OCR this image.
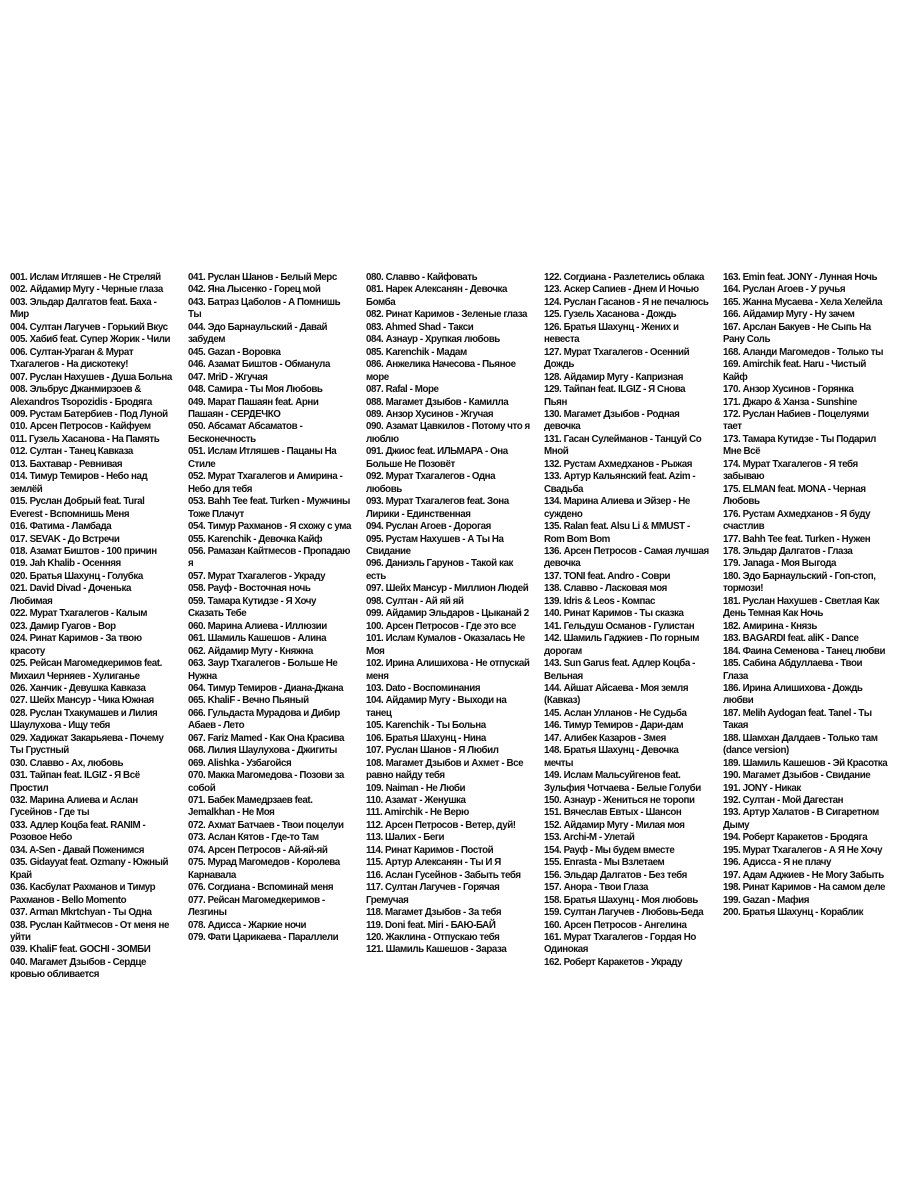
001. Ислам Итляшев - Не Стреляй
002. Айдамир Мугу - Черные глаза
003. Эльдар Далгатов feat. Баха - Мир
004. Султан Лагучев - Горький Вкус
005. Хабиб feat. Супер Жорик - Чили
006. Султан-Ураган & Мурат Тхагалегов - На дискотеку!
007. Руслан Нахушев - Душа Больна
008. Эльбрус Джанмирзоев & Alexandros Tsopozidis - Бродяга
009. Рустам Батербиев - Под Луной
010. Арсен Петросов - Кайфуем
011. Гузель Хасанова - На Память
012. Султан - Танец Кавказа
013. Бахтавар - Ревнивая
014. Тимур Темиров - Небо над землёй
015. Руслан Добрый feat. Tural Everest - Вспомнишь Меня
016. Фатима - Ламбада
017. SEVAK - До Встречи
018. Азамат Биштов - 100 причин
019. Jah Khalib - Осенняя
020. Братья Шахунц - Голубка
021. David Divad - Доченька Любимая
022. Мурат Тхагалегов - Калым
023. Дамир Гуагов - Вор
024. Ринат Каримов - За твою красоту
025. Рейсан Магомедкеримов feat. Михаил Черняев - Хулиганье
026. Ханчик - Девушка Кавказа
027. Шейх Мансур - Чика Южная
028. Руслан Тхакумашев и Лилия Шаулухова - Ищу тебя
029. Хадижат Закарьяева - Почему Ты Грустный
030. Славво - Ах, любовь
031. Тайпан feat. ILGIZ - Я Всё Простил
032. Марина Алиева и Аслан Гусейнов - Где ты
033. Адлер Коцба feat. RANIM - Розовое Небо
034. A-Sen - Давай Поженимся
035. Gidayyat feat. Ozmany - Южный Край
036. Касбулат Рахманов и Тимур Рахманов - Bello Momento
037. Arman Mkrtchyan - Ты Одна
038. Руслан Кайтмесов - От меня не уйти
039. KhaliF feat. GOCHI - ЗОМБИ
040. Магамет Дзыбов - Сердце кровью обливается
041. Руслан Шанов - Белый Мерс
042. Яна Лысенко - Горец мой
043. Батраз Цаболов - А Помнишь Ты
044. Эдо Барнаульский - Давай забудем
045. Gazan - Воровка
046. Азамат Биштов - Обманула
047. MriD - Жгучая
048. Самира - Ты Моя Любовь
049. Марат Пашаян feat. Арни Пашаян - СЕРДЕЧКО
050. Абсамат Абсаматов - Бесконечность
051. Ислам Итляшев - Пацаны На Стиле
052. Мурат Тхагалегов и Амирина - Небо для тебя
053. Bahh Tee feat. Turken - Мужчины Тоже Плачут
054. Тимур Рахманов - Я схожу с ума
055. Karenchik - Девочка Кайф
056. Рамазан Кайтмесов - Пропадаю я
057. Мурат Тхагалегов - Украду
058. Рауф - Восточная ночь
059. Тамара Кутидзе - Я Хочу Сказать Тебе
060. Марина Алиева - Иллюзии
061. Шамиль Кашешов - Алина
062. Айдамир Мугу - Княжна
063. Заур Тхагалегов - Больше Не Нужна
064. Тимур Темиров - Диана-Джана
065. KhaliF - Вечно Пьяный
066. Гульдаста Мурадова и Дибир Абаев - Лето
067. Fariz Mamed - Как Она Красива
068. Лилия Шаулухова - Джигиты
069. Alishka - Узбагойся
070. Макка Магомедова - Позови за собой
071. Бабек Мамедрзаев feat. Jemalkhan - Не Моя
072. Ахмат Батчаев - Твои поцелуи
073. Аслан Кятов - Где-то Там
074. Арсен Петросов - Ай-яй-яй
075. Мурад Магомедов - Королева Карнавала
076. Согдиана - Вспоминай меня
077. Рейсан Магомедкеримов - Лезгины
078. Адисса - Жаркие ночи
079. Фати Царикаева - Параллели
080. Славво - Кайфовать
081. Нарек Алексанян - Девочка Бомба
082. Ринат Каримов - Зеленые глаза
083. Ahmed Shad - Такси
084. Азнаур - Хрупкая любовь
085. Karenchik - Мадам
086. Анжелика Начесова - Пьяное море
087. Rafal - Море
088. Магамет Дзыбов - Камилла
089. Анзор Хусинов - Жгучая
090. Азамат Цавкилов - Потому что я люблю
091. Джиос feat. ИЛЬМАРА - Она Больше Не Позовёт
092. Мурат Тхагалегов - Одна любовь
093. Мурат Тхагалегов feat. Зона Лирики - Единственная
094. Руслан Агоев - Дорогая
095. Рустам Нахушев - А Ты На Свидание
096. Даниэль Гарунов - Такой как есть
097. Шейх Мансур - Миллион Людей
098. Султан - Ай яй яй
099. Айдамир Эльдаров - Цыканай 2
100. Арсен Петросов - Где это все
101. Ислам Кумалов - Оказалась Не Моя
102. Ирина Алишихова - Не отпускай меня
103. Dato - Воспоминания
104. Айдамир Мугу - Выходи на танец
105. Karenchik - Ты Больна
106. Братья Шахунц - Нина
107. Руслан Шанов - Я Любил
108. Магамет Дзыбов и Ахмет - Все равно найду тебя
109. Naiman - Не Люби
110. Азамат - Женушка
111. Amirchik - Не Верю
112. Арсен Петросов - Ветер, дуй!
113. Шалих - Беги
114. Ринат Каримов - Постой
115. Артур Алексанян - Ты И Я
116. Аслан Гусейнов - Забыть тебя
117. Султан Лагучев - Горячая Гремучая
118. Магамет Дзыбов - За тебя
119. Doni feat. Miri - БАЮ-БАЙ
120. Жаклина - Отпускаю тебя
121. Шамиль Кашешов - Зараза
122. Согдиана - Разлетелись облака
123. Аскер Сапиев - Днем И Ночью
124. Руслан Гасанов - Я не печалюсь
125. Гузель Хасанова - Дождь
126. Братья Шахунц - Жених и невеста
127. Мурат Тхагалегов - Осенний Дождь
128. Айдамир Мугу - Капризная
129. Тайпан feat. ILGIZ - Я Снова Пьян
130. Магамет Дзыбов - Родная девочка
131. Гасан Сулейманов - Танцуй Со Мной
132. Рустам Ахмедханов - Рыжая
133. Артур Кальянский feat. Azim - Свадьба
134. Марина Алиева и Эйзер - Не суждено
135. Ralan feat. Alsu Li & MMUST - Rom Bom Bom
136. Арсен Петросов - Самая лучшая девочка
137. TONI feat. Andro - Соври
138. Славво - Ласковая моя
139. Idris & Leos - Компас
140. Ринат Каримов - Ты сказка
141. Гельдуш Османов - Гулистан
142. Шамиль Гаджиев - По горным дорогам
143. Sun Garus feat. Адлер Коцба - Вельная
144. Айшат Айсаева - Моя земля (Кавказ)
145. Аслан Улланов - Не Судьба
146. Тимур Темиров - Дари-дам
147. Алибек Казаров - Змея
148. Братья Шахунц - Девочка мечты
149. Ислам Мальсуйгенов feat. Зульфия Чотчаева - Белые Голуби
150. Азнаур - Жениться не торопи
151. Вячеслав Евтых - Шансон
152. Айдамир Мугу - Милая моя
153. Archi-M - Улетай
154. Рауф - Мы будем вместе
155. Enrasta - Мы Взлетаем
156. Эльдар Далгатов - Без тебя
157. Анора - Твои Глаза
158. Братья Шахунц - Моя любовь
159. Султан Лагучев - Любовь-Беда
160. Арсен Петросов - Ангелина
161. Мурат Тхагалегов - Гордая Но Одинокая
162. Роберт Каракетов - Украду
163. Emin feat. JONY - Лунная Ночь
164. Руслан Агоев - У ручья
165. Жанна Мусаева - Хела Хелейла
166. Айдамир Мугу - Ну зачем
167. Арслан Бакуев - Не Сыпь На Рану Соль
168. Аланди Магомедов - Только ты
169. Amirchik feat. Haru - Чистый Кайф
170. Анзор Хусинов - Горянка
171. Джаро & Ханза - Sunshine
172. Руслан Набиев - Поцелуями тает
173. Тамара Кутидзе - Ты Подарил Мне Всё
174. Мурат Тхагалегов - Я тебя забываю
175. ELMAN feat. MONA - Черная Любовь
176. Рустам Ахмедханов - Я буду счастлив
177. Bahh Tee feat. Turken - Нужен
178. Эльдар Далгатов - Глаза
179. Janaga - Моя Выгода
180. Эдо Барнаульский - Гоп-стоп, тормози!
181. Руслан Нахушев - Светлая Как День Темная Как Ночь
182. Амирина - Князь
183. BAGARDI feat. aliK - Dance
184. Фаина Семенова - Танец любви
185. Сабина Абдуллаева - Твои Глаза
186. Ирина Алишихова - Дождь любви
187. Melih Aydogan feat. Tanel - Ты Такая
188. Шамхан Далдаев - Только там (dance version)
189. Шамиль Кашешов - Эй Красотка
190. Магамет Дзыбов - Свидание
191. JONY - Никак
192. Султан - Мой Дагестан
193. Артур Халатов - В Сигаретном Дыму
194. Роберт Каракетов - Бродяга
195. Мурат Тхагалегов - А Я Не Хочу
196. Адисса - Я не плачу
197. Адам Аджиев - Не Могу Забыть
198. Ринат Каримов - На самом деле
199. Gazan - Мафия
200. Братья Шахунц - Кораблик
